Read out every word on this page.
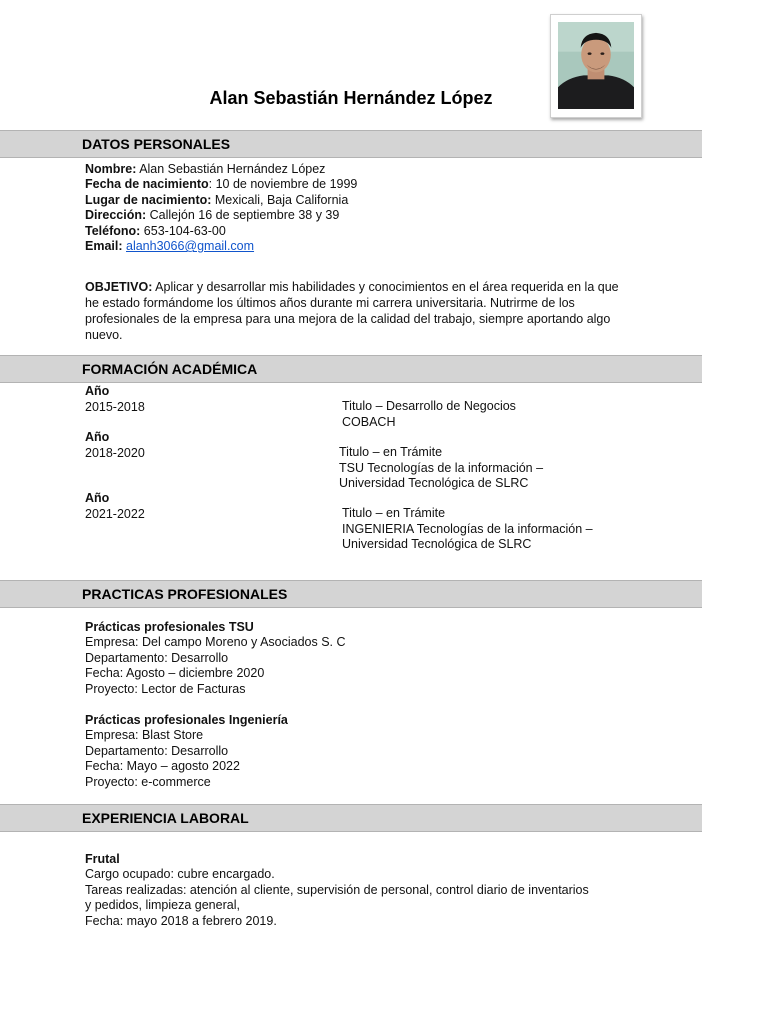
Alan Sebastián Hernández López
DATOS PERSONALES
Nombre: Alan Sebastián Hernández López
Fecha de nacimiento: 10 de noviembre de 1999
Lugar de nacimiento: Mexicali, Baja California
Dirección: Callejón 16 de septiembre 38 y 39
Teléfono: 653-104-63-00
Email: alanh3066@gmail.com
OBJETIVO: Aplicar y desarrollar mis habilidades y conocimientos en el área requerida en la que he estado formándome los últimos años durante mi carrera universitaria. Nutrirme de los profesionales de la empresa para una mejora de la calidad del trabajo, siempre aportando algo nuevo.
FORMACIÓN ACADÉMICA
Año
2015-2018	Titulo – Desarrollo de Negocios
COBACH
Año
2018-2020	Titulo – en Trámite
TSU Tecnologías de la información –
Universidad Tecnológica de SLRC
Año
2021-2022	Titulo – en Trámite
INGENIERIA Tecnologías de la información –
Universidad Tecnológica de SLRC
PRACTICAS PROFESIONALES
Prácticas profesionales TSU
Empresa: Del campo Moreno y Asociados S. C
Departamento: Desarrollo
Fecha: Agosto – diciembre 2020
Proyecto: Lector de Facturas
Prácticas profesionales Ingeniería
Empresa: Blast Store
Departamento: Desarrollo
Fecha: Mayo – agosto 2022
Proyecto: e-commerce
EXPERIENCIA LABORAL
Frutal
Cargo ocupado: cubre encargado.
Tareas realizadas: atención al cliente, supervisión de personal, control diario de inventarios
y pedidos, limpieza general,
Fecha: mayo 2018 a febrero 2019.
